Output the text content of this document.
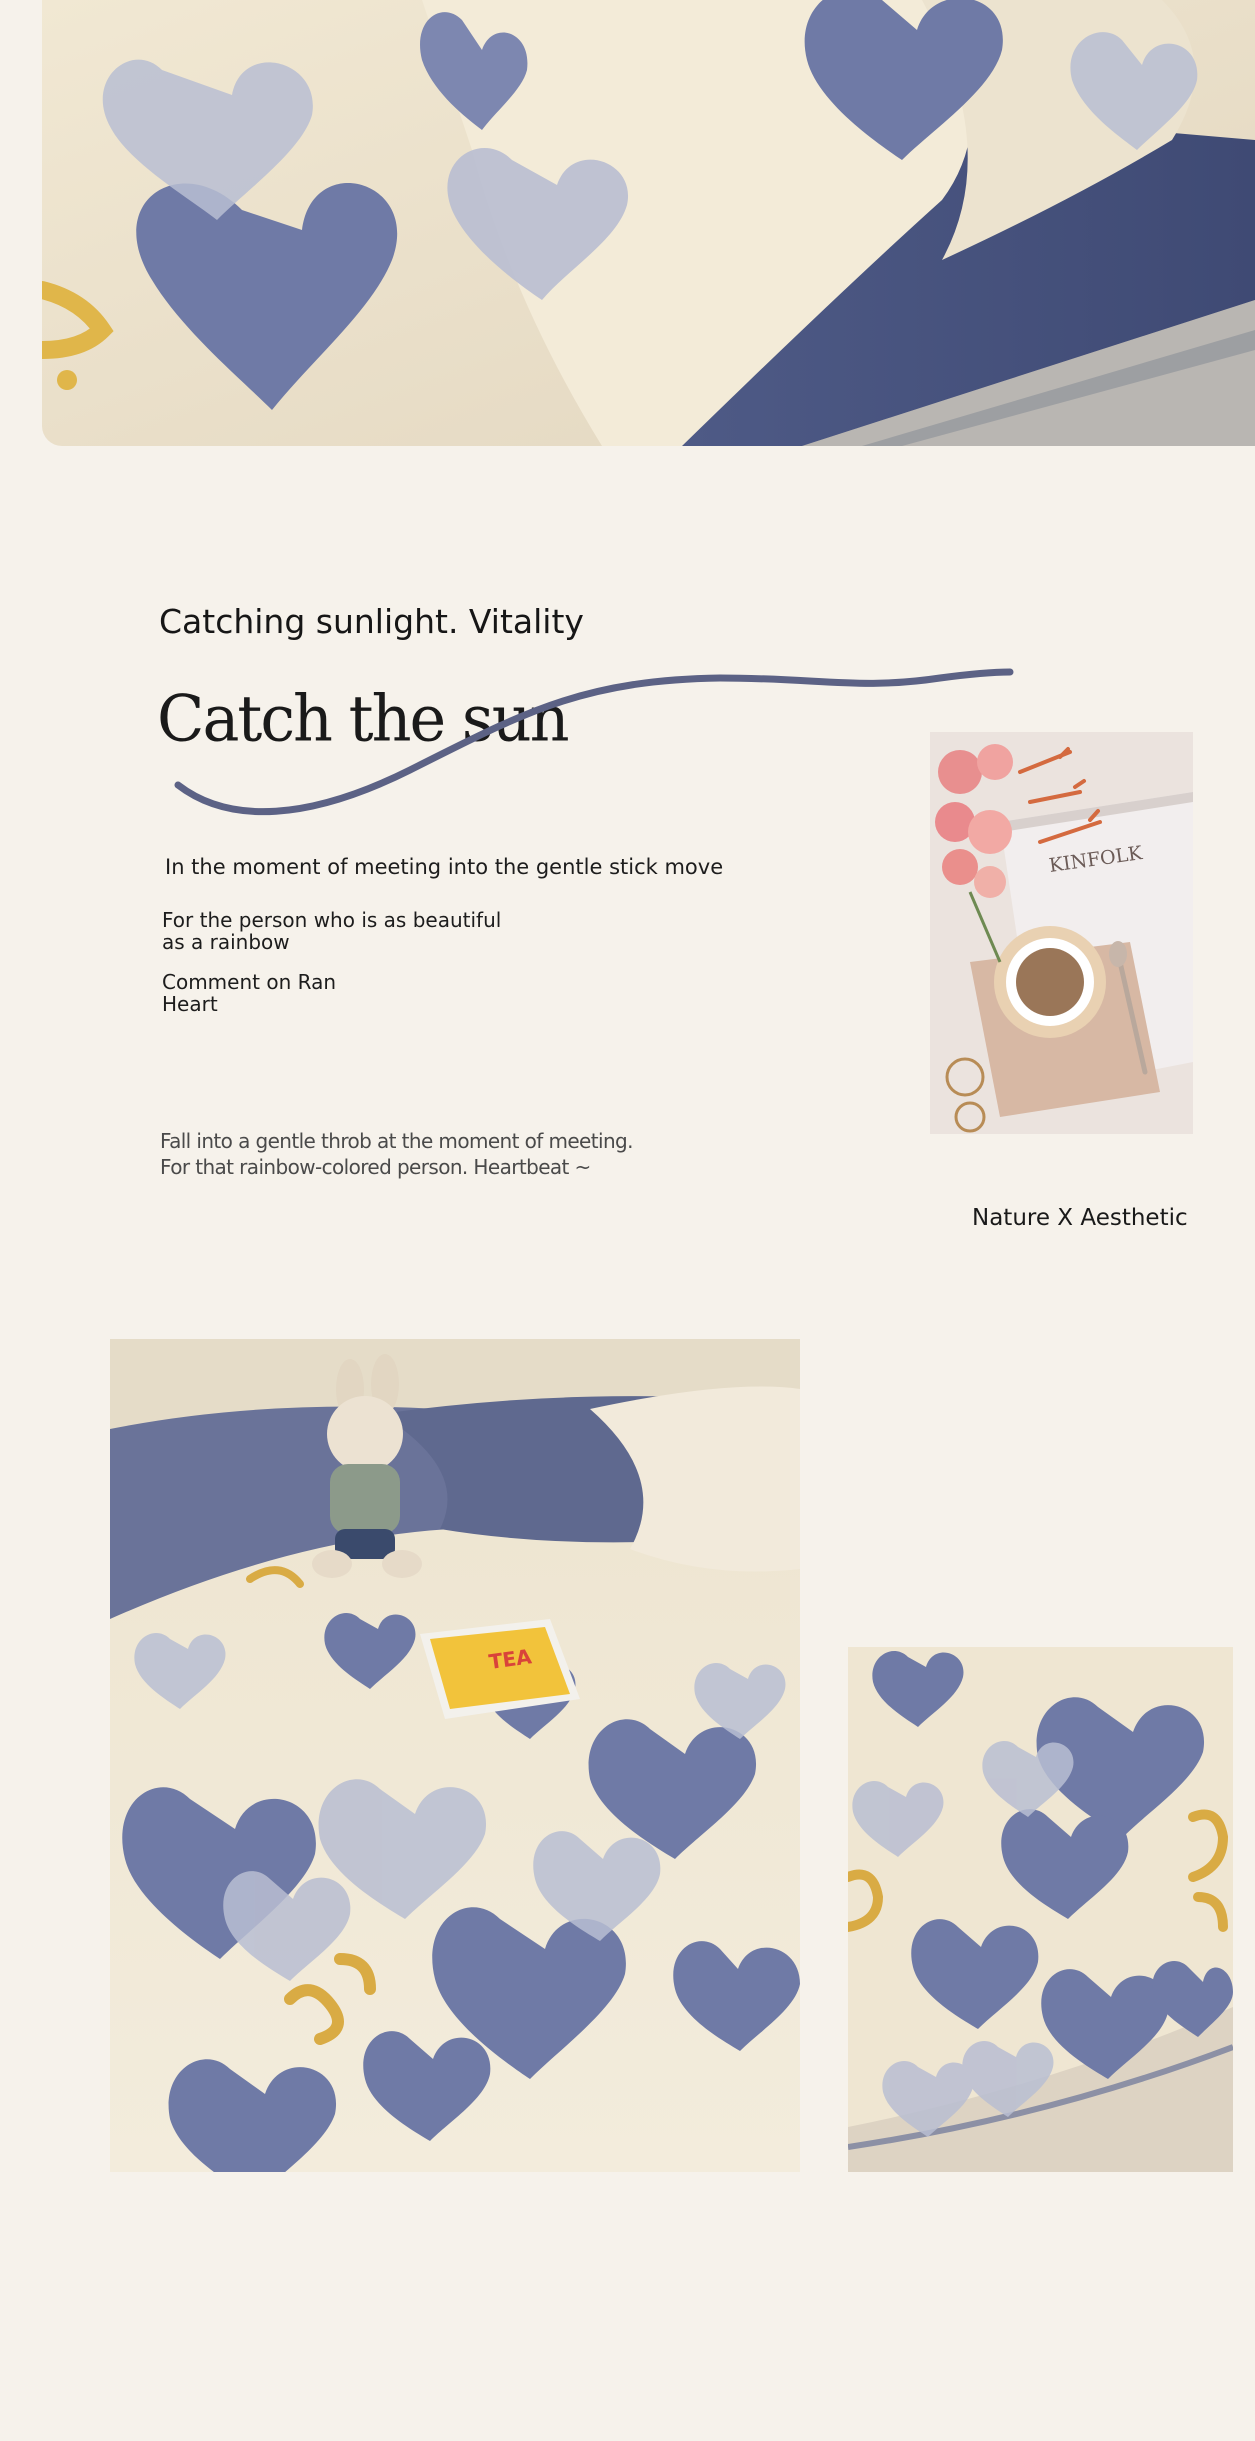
Catching sunlight. Vitality
Catch the sun
In the moment of meeting into the gentle stick move
For the person who is as beautiful as a rainbow
Comment on Ran Heart
Fall into a gentle throb at the moment of meeting.
For that rainbow-colored person. Heartbeat ~
KINFOLK
Nature X Aesthetic
TEA
